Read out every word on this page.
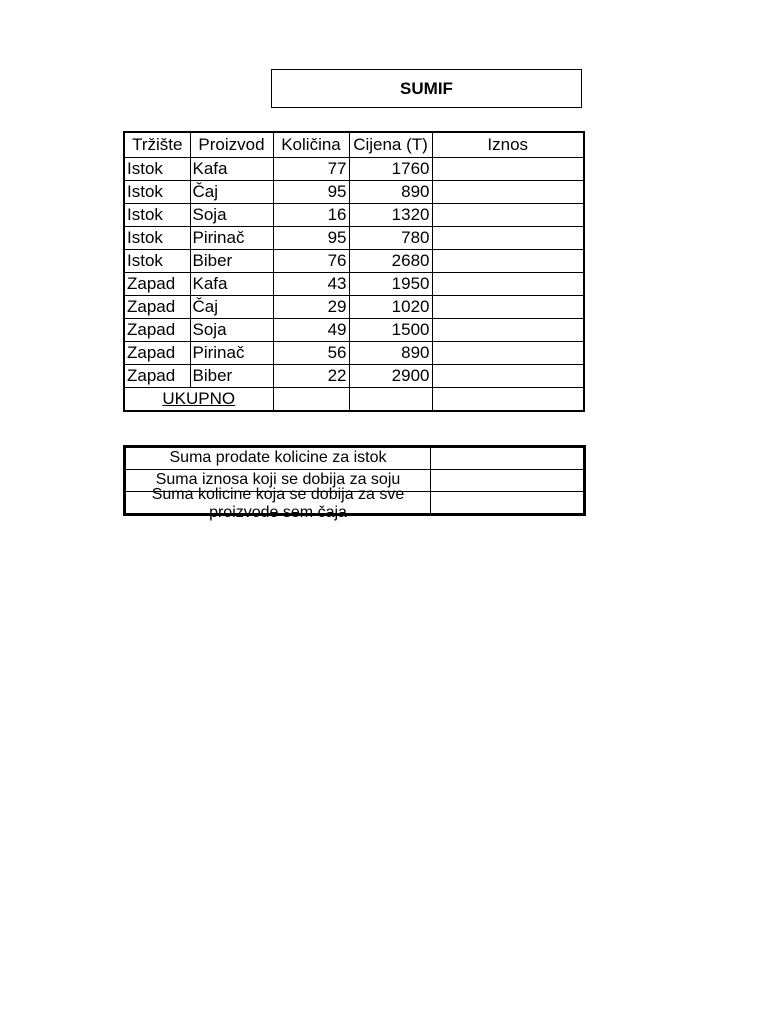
SUMIF
Tržište	Proizvod	Količina	Cijena (T)	Iznos
Istok	Kafa	77	1760	
Istok	Čaj	95	890	
Istok	Soja	16	1320	
Istok	Pirinač	95	780	
Istok	Biber	76	2680	
Zapad	Kafa	43	1950	
Zapad	Čaj	29	1020	
Zapad	Soja	49	1500	
Zapad	Pirinač	56	890	
Zapad	Biber	22	2900	
UKUPNO				
Suma prodate kolicine za istok	
Suma iznosa koji se dobija za soju	

Suma kolicine koja se dobija za sve proizvode sem čaja	
